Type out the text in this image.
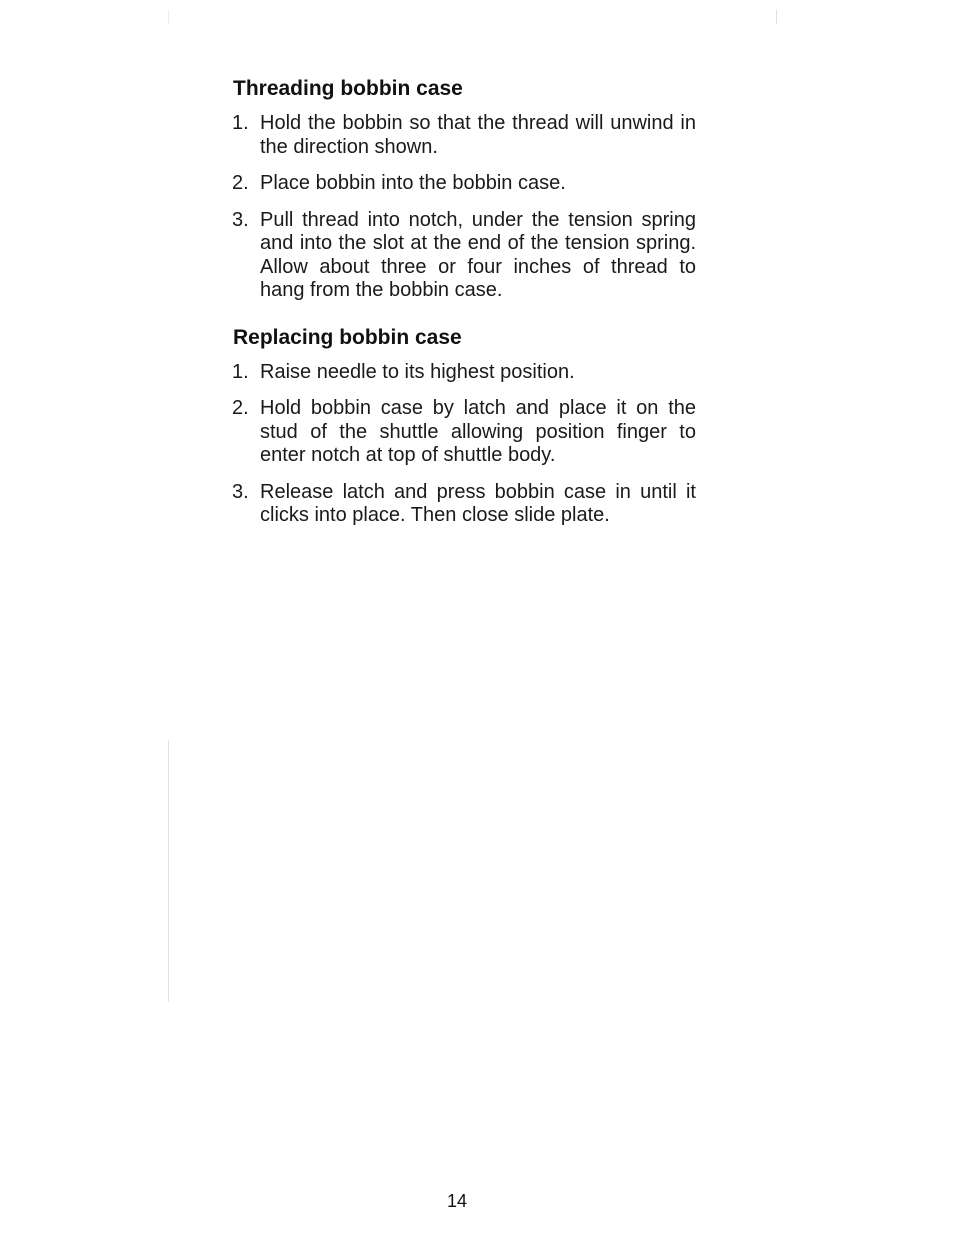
Threading bobbin case
1. Hold the bobbin so that the thread will unwind in the direction shown.
2. Place bobbin into the bobbin case.
3. Pull thread into notch, under the tension spring and into the slot at the end of the tension spring. Allow about three or four inches of thread to hang from the bobbin case.
Replacing bobbin case
1. Raise needle to its highest position.
2. Hold bobbin case by latch and place it on the stud of the shuttle allowing position finger to enter notch at top of shuttle body.
3. Release latch and press bobbin case in until it clicks into place. Then close slide plate.
14
